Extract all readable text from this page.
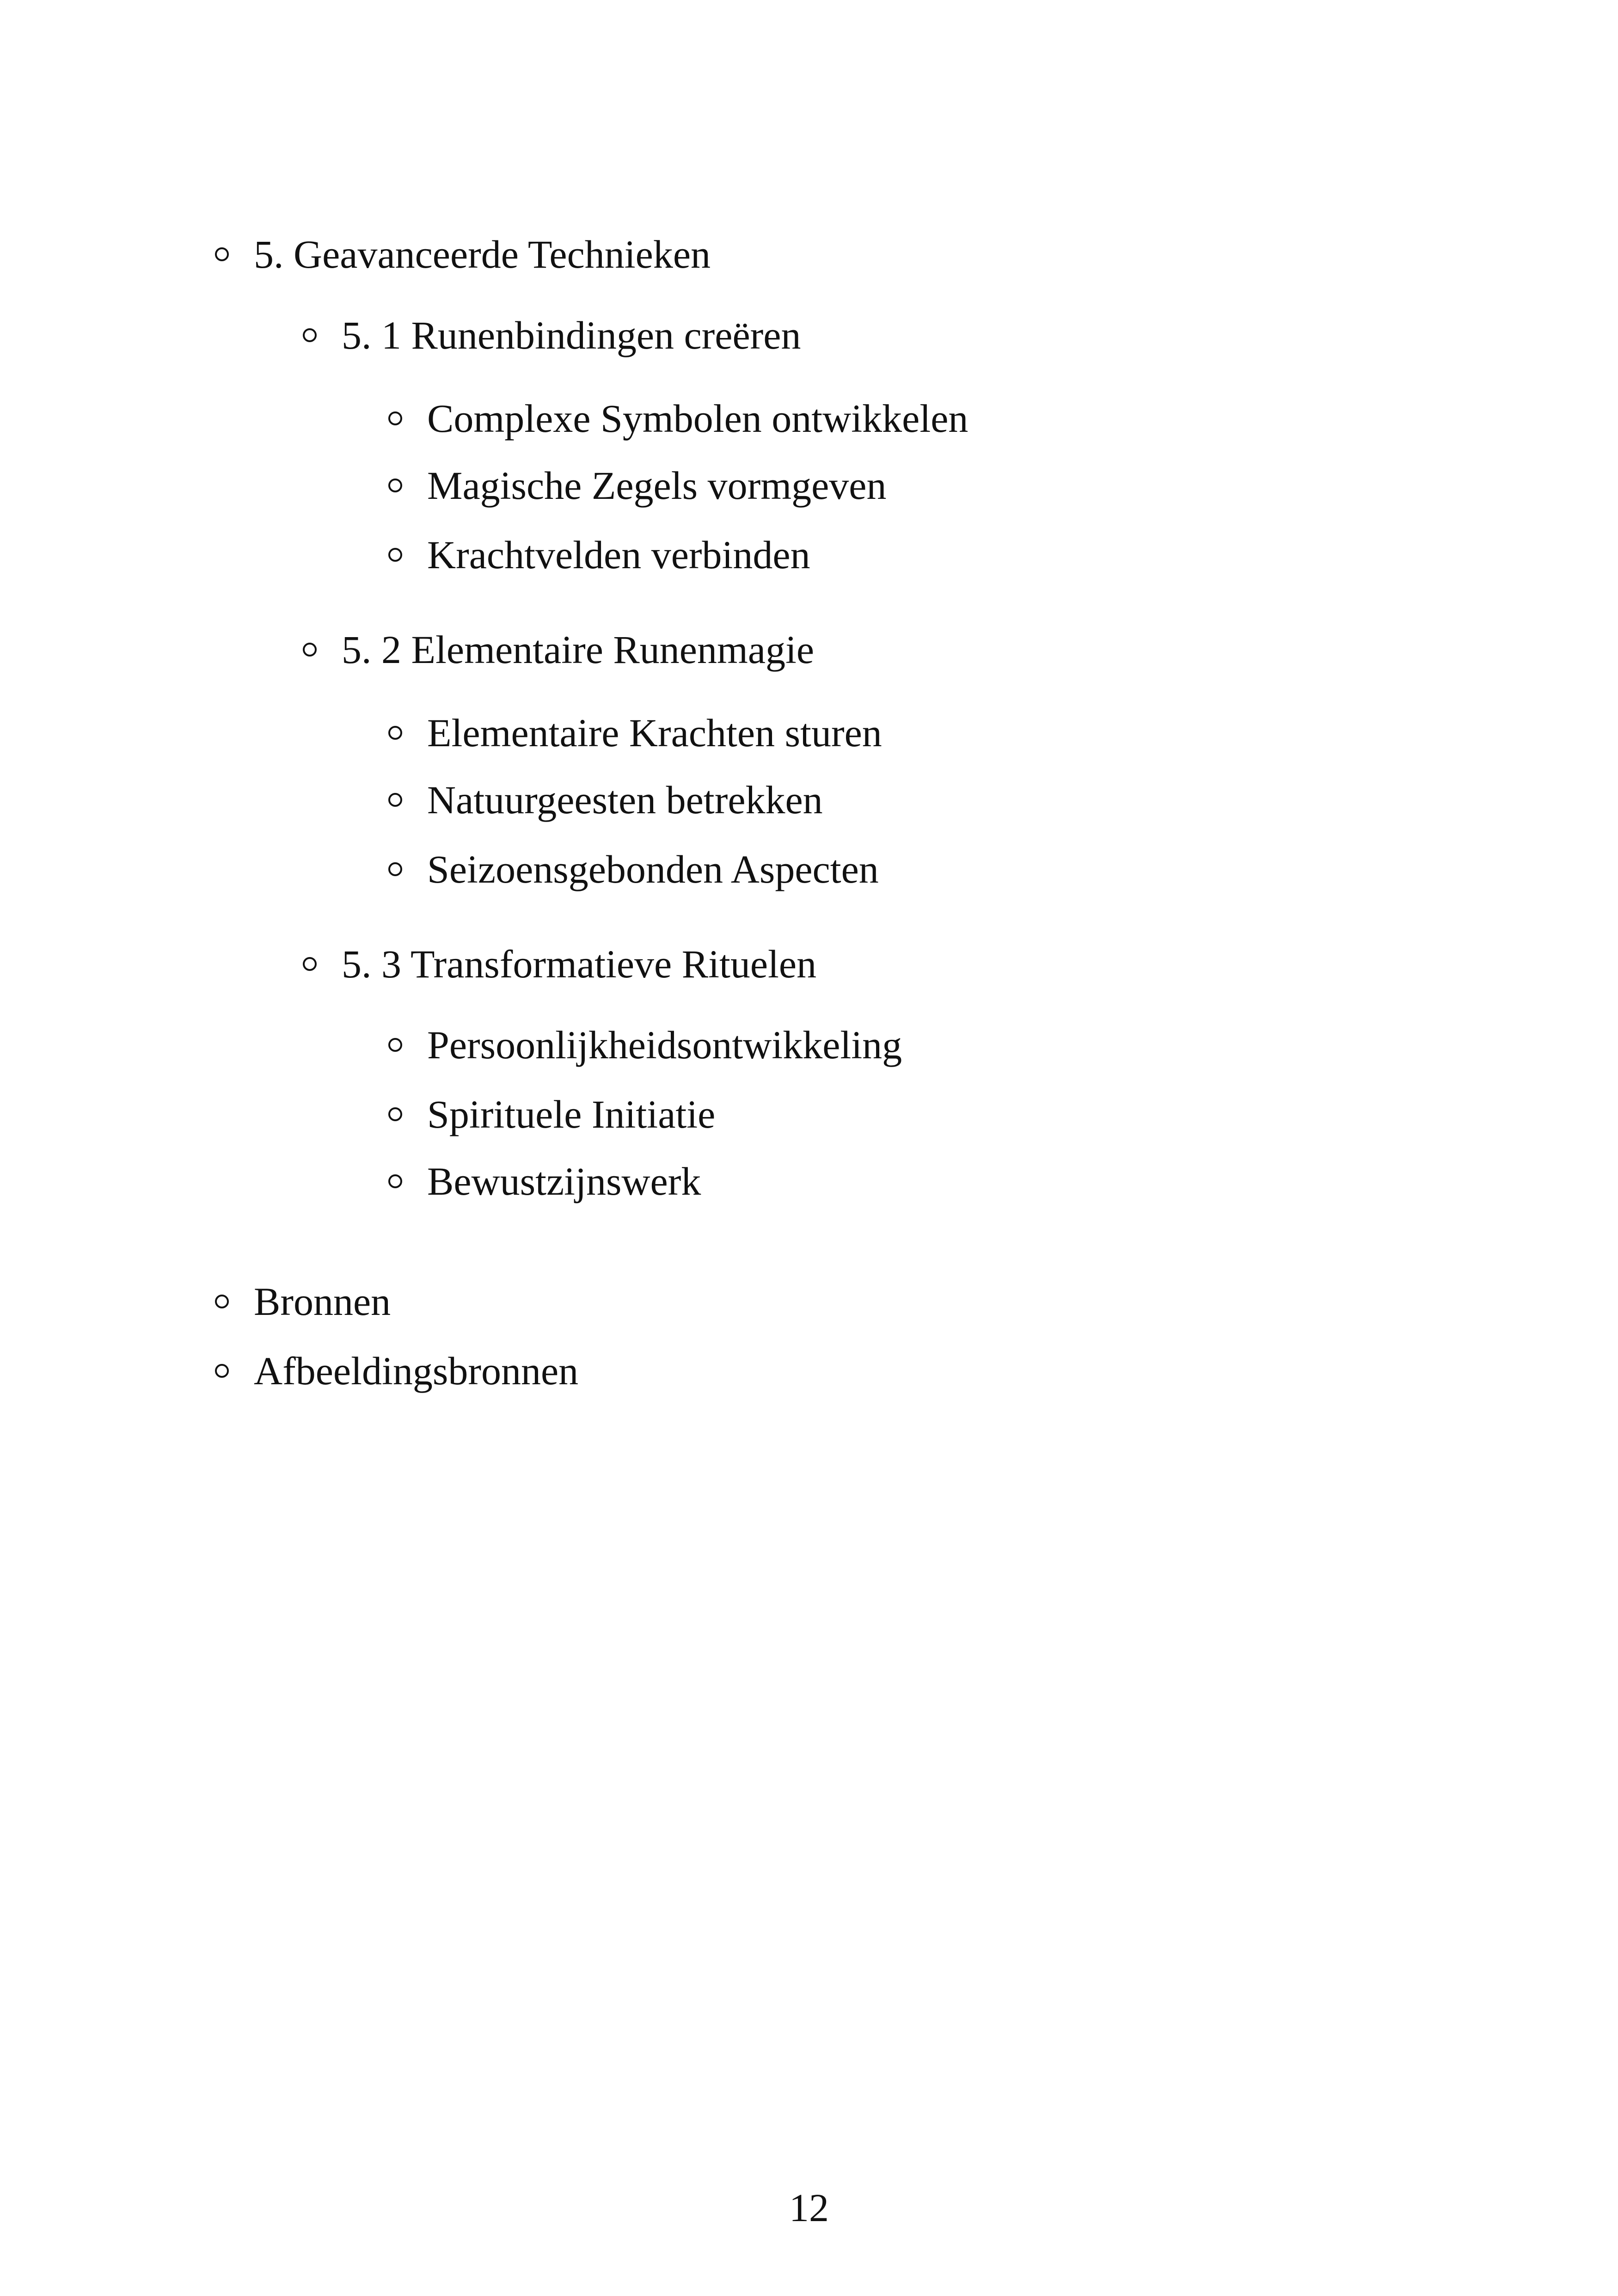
5. Geavanceerde Technieken
5. 1 Runenbindingen creëren
Complexe Symbolen ontwikkelen
Magische Zegels vormgeven
Krachtvelden verbinden
5. 2 Elementaire Runenmagie
Elementaire Krachten sturen
Natuurgeesten betrekken
Seizoensgebonden Aspecten
5. 3 Transformatieve Rituelen
Persoonlijkheidsontwikkeling
Spirituele Initiatie
Bewustzijnswerk
Bronnen
Afbeeldingsbronnen
12
